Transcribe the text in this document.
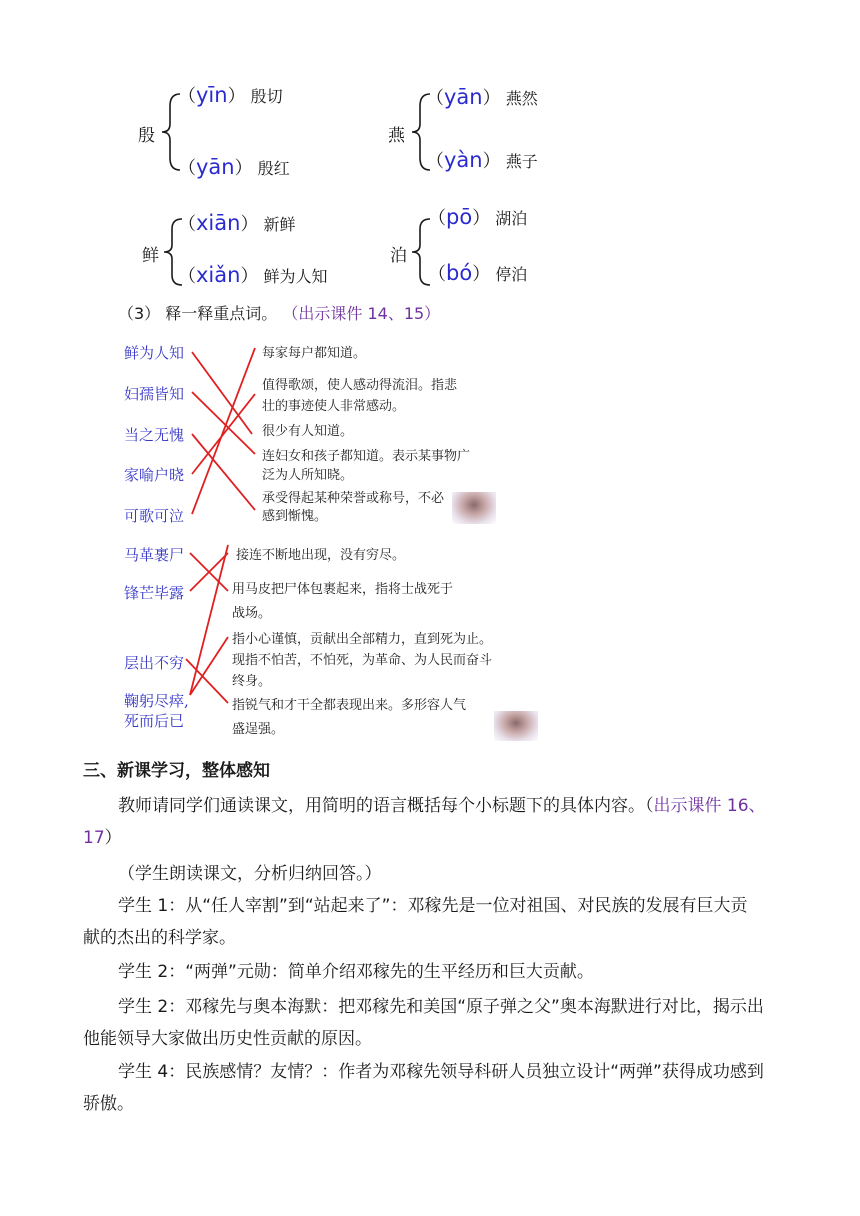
殷
（yīn） 殷切
（yān） 殷红
燕
（yān） 燕然
（yàn） 燕子
鲜
（xiān） 新鲜
（xiǎn） 鲜为人知
泊
（pō） 湖泊
（bó） 停泊
（3） 释一释重点词。 （出示课件 14、15）
鲜为人知
妇孺皆知
当之无愧
家喻户晓
可歌可泣
每家每户都知道。
值得歌颂，使人感动得流泪。指悲
壮的事迹使人非常感动。
很少有人知道。
连妇女和孩子都知道。表示某事物广
泛为人所知晓。
承受得起某种荣誉或称号，不必
感到惭愧。
马革裹尸
锋芒毕露
层出不穷
鞠躬尽瘁,
死而后已
接连不断地出现，没有穷尽。
用马皮把尸体包裹起来，指将士战死于
战场。
指小心谨慎，贡献出全部精力，直到死为止。
现指不怕苦，不怕死，为革命、为人民而奋斗
终身。
指锐气和才干全都表现出来。多形容人气
盛逞强。
三、新课学习，整体感知
教师请同学们通读课文，用简明的语言概括每个小标题下的具体内容。（出示课件 16、
17）
（学生朗读课文，分析归纳回答。）
学生 1：从“任人宰割”到“站起来了”：邓稼先是一位对祖国、对民族的发展有巨大贡
献的杰出的科学家。
学生 2：“两弹”元勋：简单介绍邓稼先的生平经历和巨大贡献。
学生 2：邓稼先与奥本海默：把邓稼先和美国“原子弹之父”奥本海默进行对比，揭示出
他能领导大家做出历史性贡献的原因。
学生 4：民族感情？友情？：作者为邓稼先领导科研人员独立设计“两弹”获得成功感到
骄傲。
